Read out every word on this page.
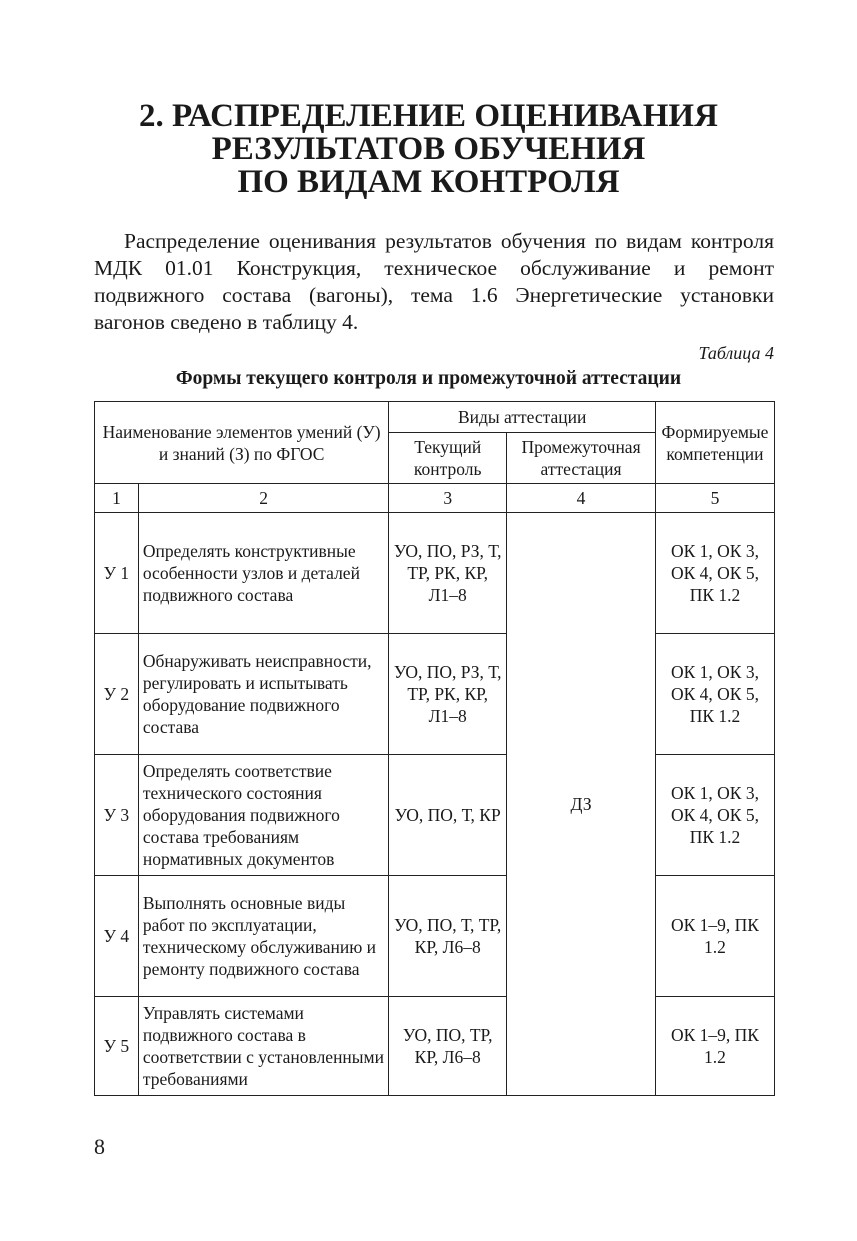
2. РАСПРЕДЕЛЕНИЕ ОЦЕНИВАНИЯ
РЕЗУЛЬТАТОВ ОБУЧЕНИЯ
ПО ВИДАМ КОНТРОЛЯ

Распределение оценивания результатов обучения по видам контроля МДК 01.01 Конструкция, техническое обслуживание и ремонт подвижного состава (вагоны), тема 1.6 Энергетические установки вагонов сведено в таблицу 4.

Таблица 4
Формы текущего контроля и промежуточной аттестации
Наименование элементов умений (У) и знаний (З) по ФГОС		Виды аттестации		Формируемые компетенции
		Текущий контроль	Промежуточная аттестация	
1	2	3	4	5
У 1	Определять конструктивные особенности узлов и деталей подвижного состава	УО, ПО, РЗ, Т, ТР, РК, КР, Л1–8	ДЗ	ОК 1, ОК 3, ОК 4, ОК 5, ПК 1.2
У 2	Обнаруживать неисправности, регулировать и испытывать оборудование подвижного состава	УО, ПО, РЗ, Т, ТР, РК, КР, Л1–8		ОК 1, ОК 3, ОК 4, ОК 5, ПК 1.2
У 3	Определять соответствие технического состояния оборудования подвижного состава требованиям нормативных документов	УО, ПО, Т, КР		ОК 1, ОК 3, ОК 4, ОК 5, ПК 1.2
У 4	Выполнять основные виды работ по эксплуатации, техническому обслуживанию и ремонту подвижного состава	УО, ПО, Т, ТР, КР, Л6–8		ОК 1–9, ПК 1.2
У 5	Управлять системами подвижного состава в соответствии с установленными требованиями	УО, ПО, ТР, КР, Л6–8		ОК 1–9, ПК 1.2
8
